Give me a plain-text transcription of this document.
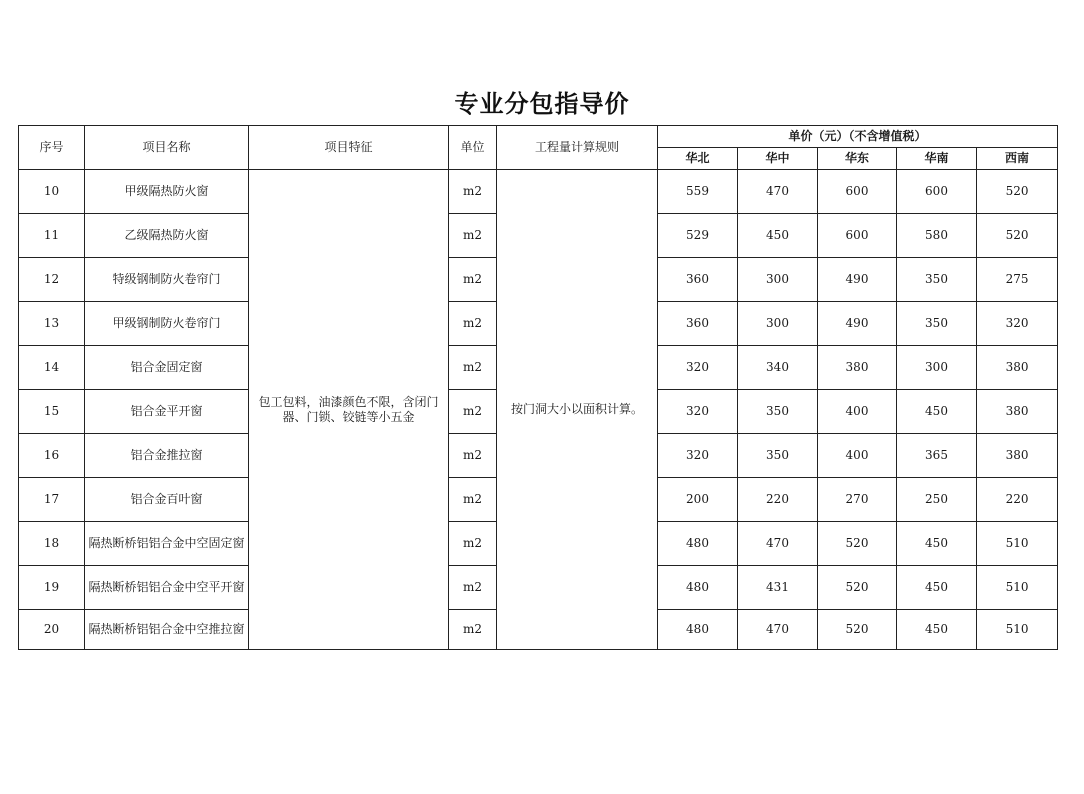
专业分包指导价
序号	项目名称	项目特征	单位	工程量计算规则	单价（元）（不含增值税）				
					华北	华中	华东	华南	西南
10	甲级隔热防火窗	包工包料，油漆颜色不限，含闭门器、门锁、铰链等小五金	m2	按门洞大小以面积计算。	559	470	600	600	520
11	乙级隔热防火窗		m2		529	450	600	580	520
12	特级钢制防火卷帘门		m2		360	300	490	350	275
13	甲级钢制防火卷帘门		m2		360	300	490	350	320
14	铝合金固定窗		m2		320	340	380	300	380
15	铝合金平开窗		m2		320	350	400	450	380
16	铝合金推拉窗		m2		320	350	400	365	380
17	铝合金百叶窗		m2		200	220	270	250	220
18	隔热断桥铝铝合金中空固定窗		m2		480	470	520	450	510
19	隔热断桥铝铝合金中空平开窗		m2		480	431	520	450	510
20	隔热断桥铝铝合金中空推拉窗		m2		480	470	520	450	510
